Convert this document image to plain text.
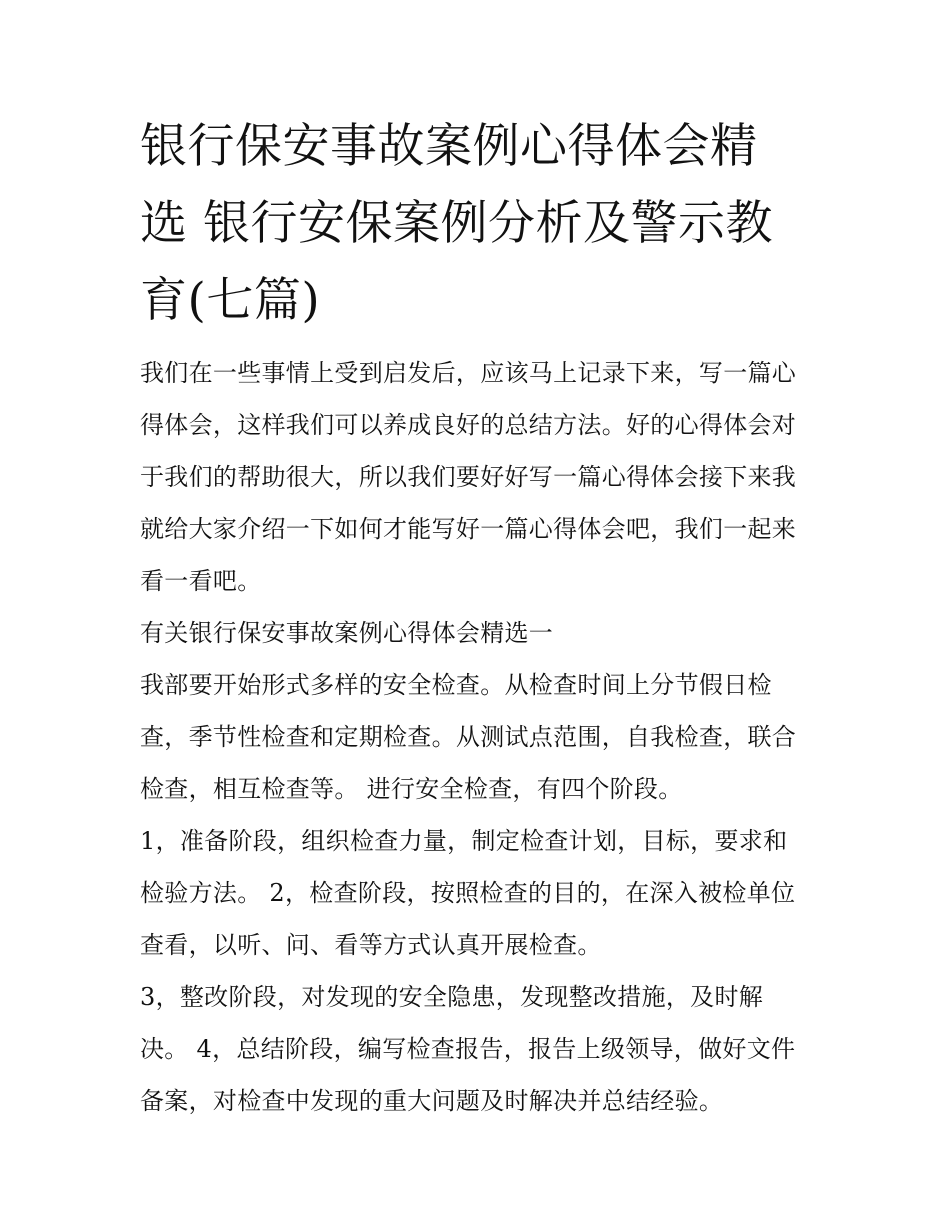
银行保安事故案例心得体会精
选 银行安保案例分析及警示教
育(七篇)

我们在一些事情上受到启发后，应该马上记录下来，写一篇心
得体会，这样我们可以养成良好的总结方法。好的心得体会对
于我们的帮助很大，所以我们要好好写一篇心得体会接下来我
就给大家介绍一下如何才能写好一篇心得体会吧，我们一起来
看一看吧。

有关银行保安事故案例心得体会精选一

我部要开始形式多样的安全检查。从检查时间上分节假日检
查，季节性检查和定期检查。从测试点范围，自我检查，联合
检查，相互检查等。 进行安全检查，有四个阶段。

1，准备阶段，组织检查力量，制定检查计划，目标，要求和
检验方法。 2，检查阶段，按照检查的目的，在深入被检单位
查看，以听、问、看等方式认真开展检查。

3，整改阶段，对发现的安全隐患，发现整改措施，及时解
决。 4，总结阶段，编写检查报告，报告上级领导，做好文件
备案，对检查中发现的重大问题及时解决并总结经验。
